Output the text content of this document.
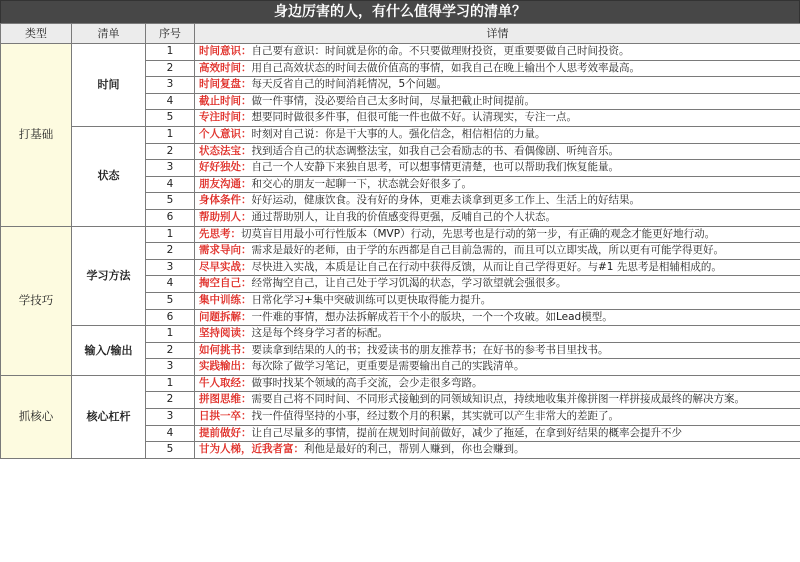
身边厉害的人，有什么值得学习的清单？
类型	清单	序号	详情
打基础	时间	1	时间意识：自己要有意识：时间就是你的命。不只要做理财投资，更重要要做自己时间投资。
		2	高效时间：用自己高效状态的时间去做价值高的事情，如我自己在晚上输出个人思考效率最高。
		3	时间复盘：每天反省自己的时间消耗情况，5个问题。
		4	截止时间：做一件事情，没必要给自己太多时间，尽量把截止时间提前。
		5	专注时间：想要同时做很多件事，但很可能一件也做不好。认清现实，专注一点。
	状态	1	个人意识：时刻对自己说：你是干大事的人。强化信念，相信相信的力量。
		2	状态法宝：找到适合自己的状态调整法宝，如我自己会看励志的书、看偶像剧、听纯音乐。
		3	好好独处：自己一个人安静下来独自思考，可以想事情更清楚，也可以帮助我们恢复能量。
		4	朋友沟通：和交心的朋友一起聊一下，状态就会好很多了。
		5	身体条件：好好运动，健康饮食。没有好的身体，更难去谈拿到更多工作上、生活上的好结果。
		6	帮助别人：通过帮助别人，让自我的价值感变得更强，反哺自己的个人状态。
学技巧	学习方法	1	先思考：切莫盲目用最小可行性版本（MVP）行动，先思考也是行动的第一步，有正确的观念才能更好地行动。
		2	需求导向：需求是最好的老师，由于学的东西都是自己目前急需的，而且可以立即实战，所以更有可能学得更好。
		3	尽早实战：尽快进入实战，本质是让自己在行动中获得反馈，从而让自己学得更好。与#1 先思考是相辅相成的。
		4	掏空自己：经常掏空自己，让自己处于学习饥渴的状态，学习欲望就会强很多。
		5	集中训练：日常化学习+集中突破训练可以更快取得能力提升。
		6	问题拆解：一件难的事情，想办法拆解成若干个小的版块，一个一个攻破。如Lead模型。
	输入/输出	1	坚持阅读：这是每个终身学习者的标配。
		2	如何挑书：要读拿到结果的人的书；找爱读书的朋友推荐书；在好书的参考书目里找书。
		3	实践输出：每次除了做学习笔记，更重要是需要输出自己的实践清单。
抓核心	核心杠杆	1	牛人取经：做事时找某个领域的高手交流，会少走很多弯路。
		2	拼图思维：需要自己将不同时间、不同形式接触到的同领域知识点，持续地收集并像拼图一样拼接成最终的解决方案。
		3	日拱一卒：找一件值得坚持的小事，经过数个月的积累，其实就可以产生非常大的差距了。
		4	提前做好：让自己尽量多的事情，提前在规划时间前做好，减少了拖延，在拿到好结果的概率会提升不少
		5	甘为人梯，近我者富：利他是最好的利己，帮别人赚到，你也会赚到。
